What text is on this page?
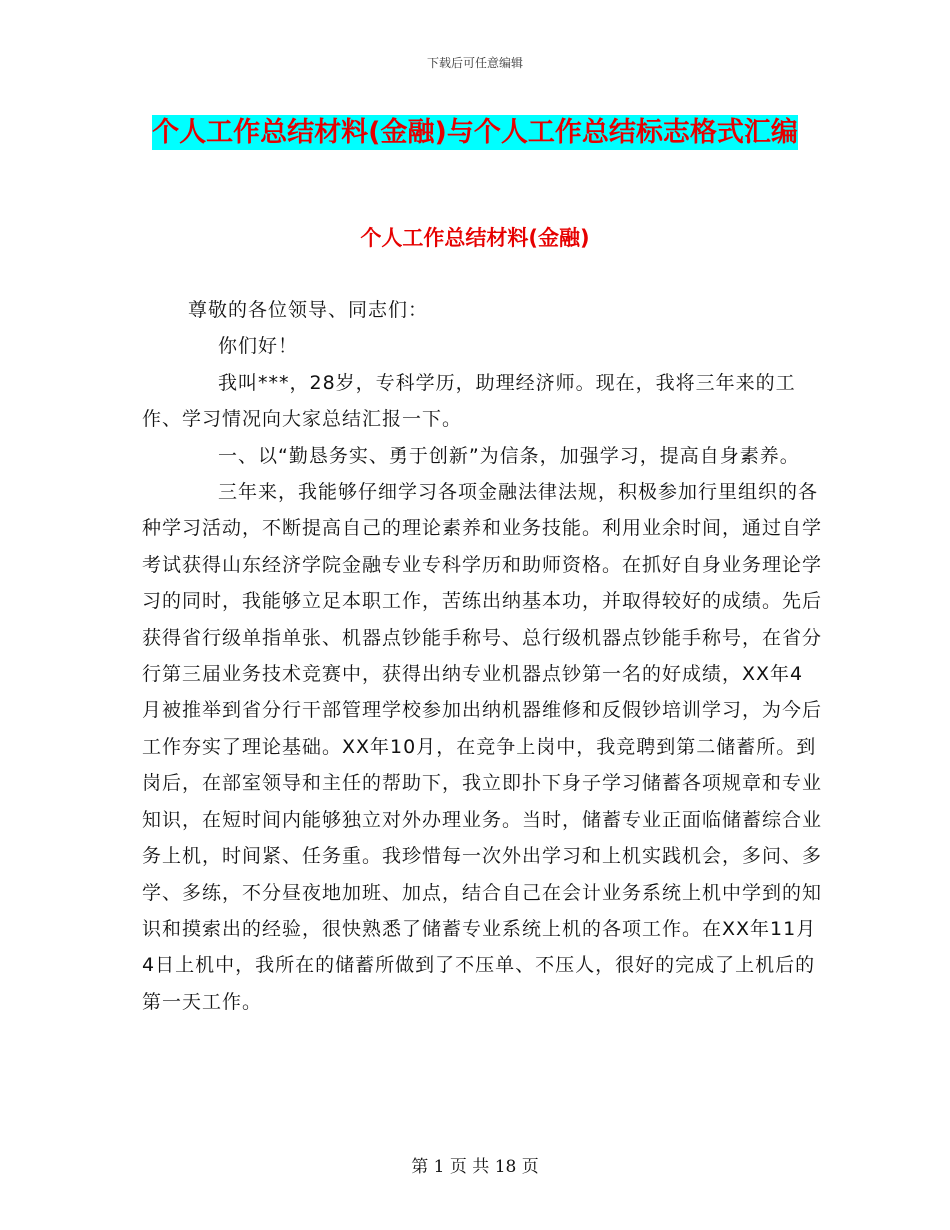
下载后可任意编辑
个人工作总结材料(金融)与个人工作总结标志格式汇编
个人工作总结材料(金融)

尊敬的各位领导、同志们：

你们好！

我叫***，28岁，专科学历，助理经济师。现在，我将三年来的工作、学习情况向大家总结汇报一下。

一、以“勤恳务实、勇于创新”为信条，加强学习，提高自身素养。

三年来，我能够仔细学习各项金融法律法规，积极参加行里组织的各种学习活动，不断提高自己的理论素养和业务技能。利用业余时间，通过自学考试获得山东经济学院金融专业专科学历和助师资格。在抓好自身业务理论学习的同时，我能够立足本职工作，苦练出纳基本功，并取得较好的成绩。先后获得省行级单指单张、机器点钞能手称号、总行级机器点钞能手称号，在省分行第三届业务技术竞赛中，获得出纳专业机器点钞第一名的好成绩，XX年4月被推举到省分行干部管理学校参加出纳机器维修和反假钞培训学习，为今后工作夯实了理论基础。XX年10月，在竞争上岗中，我竞聘到第二储蓄所。到岗后，在部室领导和主任的帮助下，我立即扑下身子学习储蓄各项规章和专业知识，在短时间内能够独立对外办理业务。当时，储蓄专业正面临储蓄综合业务上机，时间紧、任务重。我珍惜每一次外出学习和上机实践机会，多问、多学、多练，不分昼夜地加班、加点，结合自己在会计业务系统上机中学到的知识和摸索出的经验，很快熟悉了储蓄专业系统上机的各项工作。在XX年11月4日上机中，我所在的储蓄所做到了不压单、不压人，很好的完成了上机后的第一天工作。

第 1 页 共 18 页
